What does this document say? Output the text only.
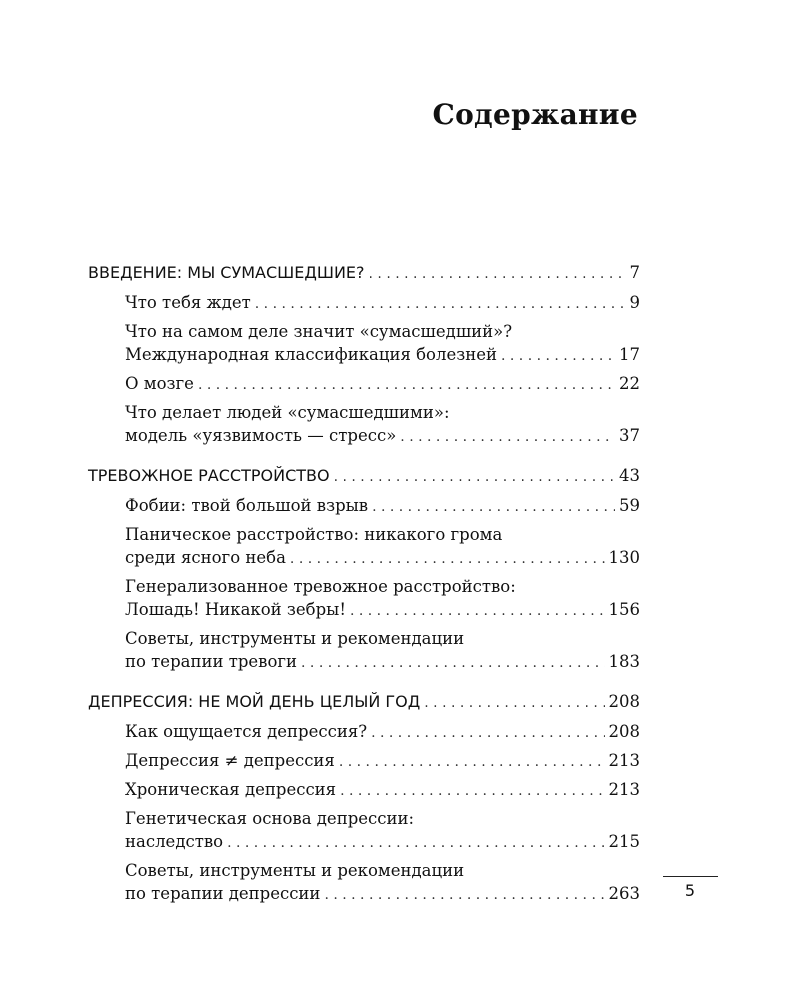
Содержание
ВВЕДЕНИЕ: МЫ СУМАСШЕДШИЕ? . . .	7
Что тебя ждет . . .	9
Что на самом деле значит «сумасшедший»?
Международная классификация болезней . . .	17
О мозге . . .	22
Что делает людей «сумасшедшими»:
модель «уязвимость — стресс» . . .	37
ТРЕВОЖНОЕ РАССТРОЙСТВО . . .	43
Фобии: твой большой взрыв . . .	59
Паническое расстройство: никакого грома
среди ясного неба . . .	130
Генерализованное тревожное расстройство:
Лошадь! Никакой зебры! . . .	156
Советы, инструменты и рекомендации
по терапии тревоги . . .	183
ДЕПРЕССИЯ: НЕ МОЙ ДЕНЬ ЦЕЛЫЙ ГОД . . .	208
Как ощущается депрессия? . . .	208
Депрессия ≠ депрессия . . .	213
Хроническая депрессия . . .	213
Генетическая основа депрессии:
наследство . . .	215
Советы, инструменты и рекомендации
по терапии депрессии . . .	263	5
